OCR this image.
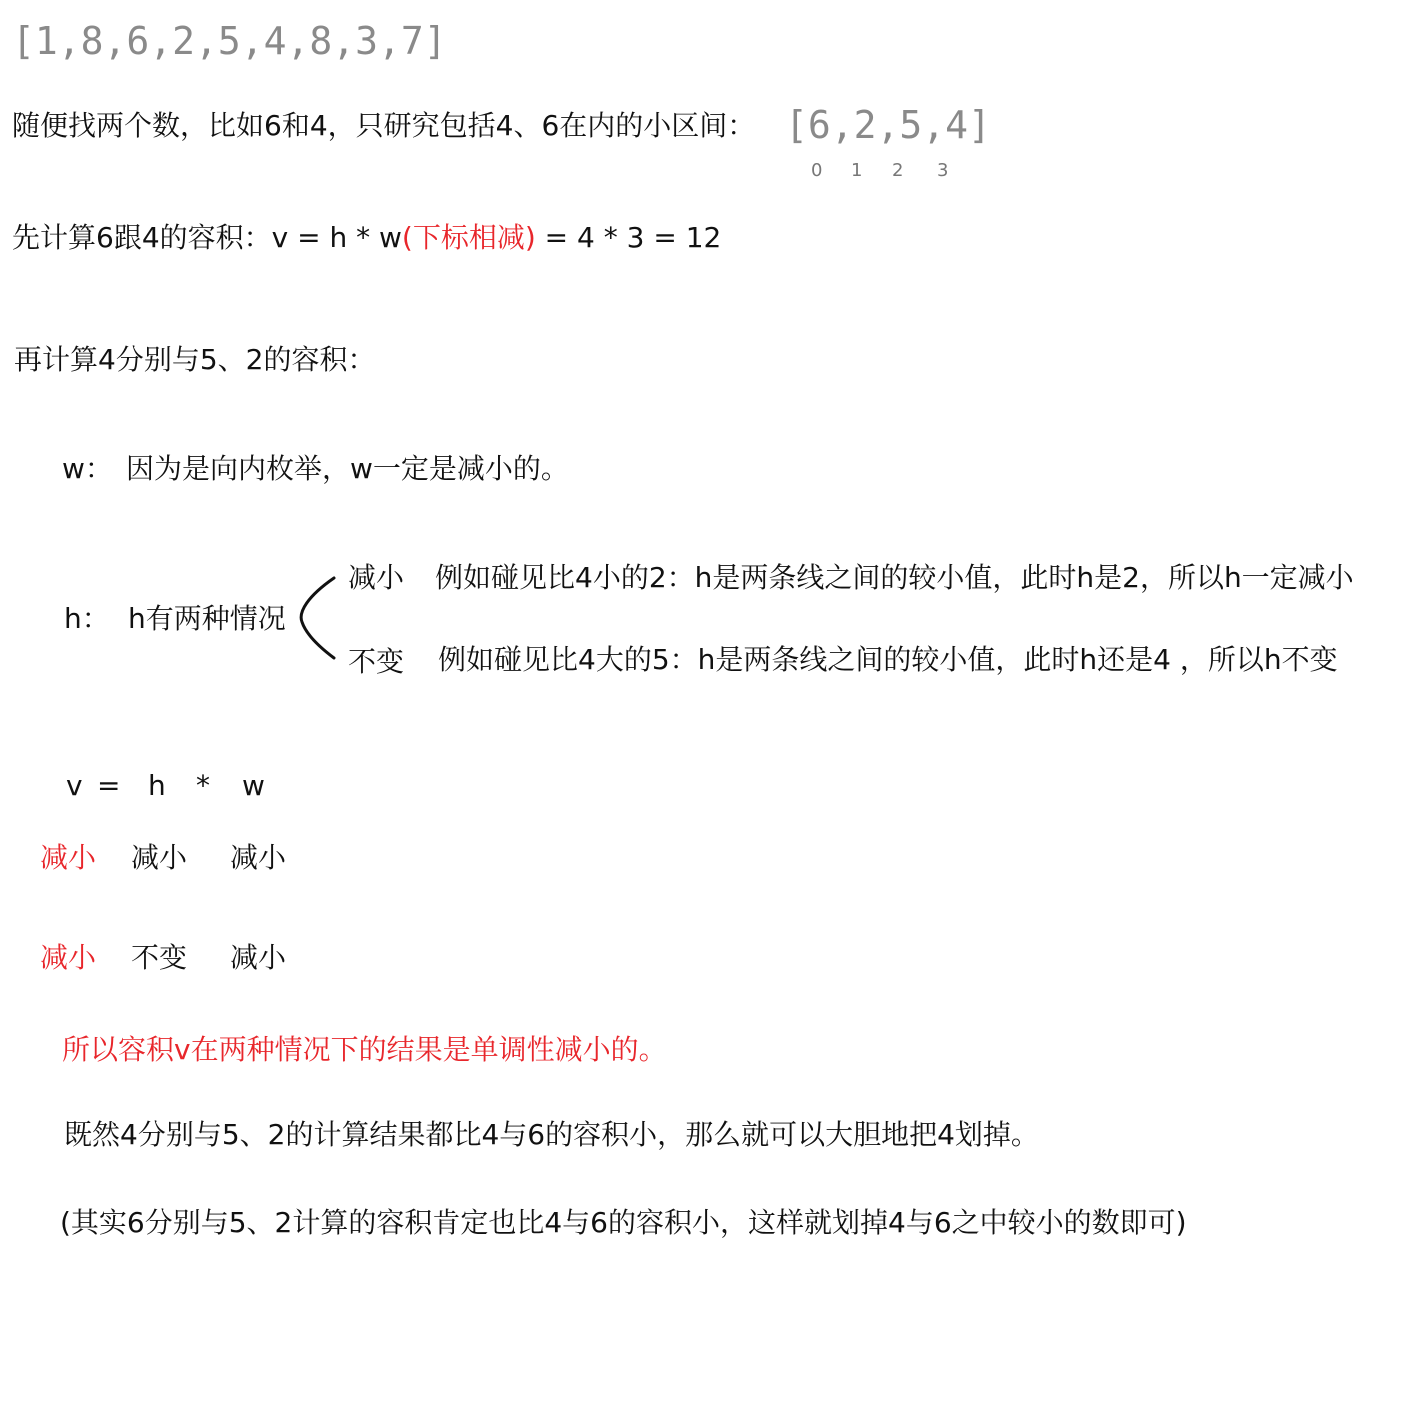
[1,8,6,2,5,4,8,3,7]
随便找两个数，比如6和4，只研究包括4、6在内的小区间： [6,2,5,4]
0 1 2 3
先计算6跟4的容积：v = h * w(下标相减) = 4 * 3 = 12
再计算4分别与5、2的容积：
w： 因为是向内枚举，w一定是减小的。
h： h有两种情况
减小 例如碰见比4小的2：h是两条线之间的较小值，此时h是2，所以h一定减小
不变 例如碰见比4大的5：h是两条线之间的较小值，此时h还是4 ，所以h不变
v = h * w
减小 减小 减小
减小 不变 减小
所以容积v在两种情况下的结果是单调性减小的。
既然4分别与5、2的计算结果都比4与6的容积小，那么就可以大胆地把4划掉。
(其实6分别与5、2计算的容积肯定也比4与6的容积小，这样就划掉4与6之中较小的数即可)
